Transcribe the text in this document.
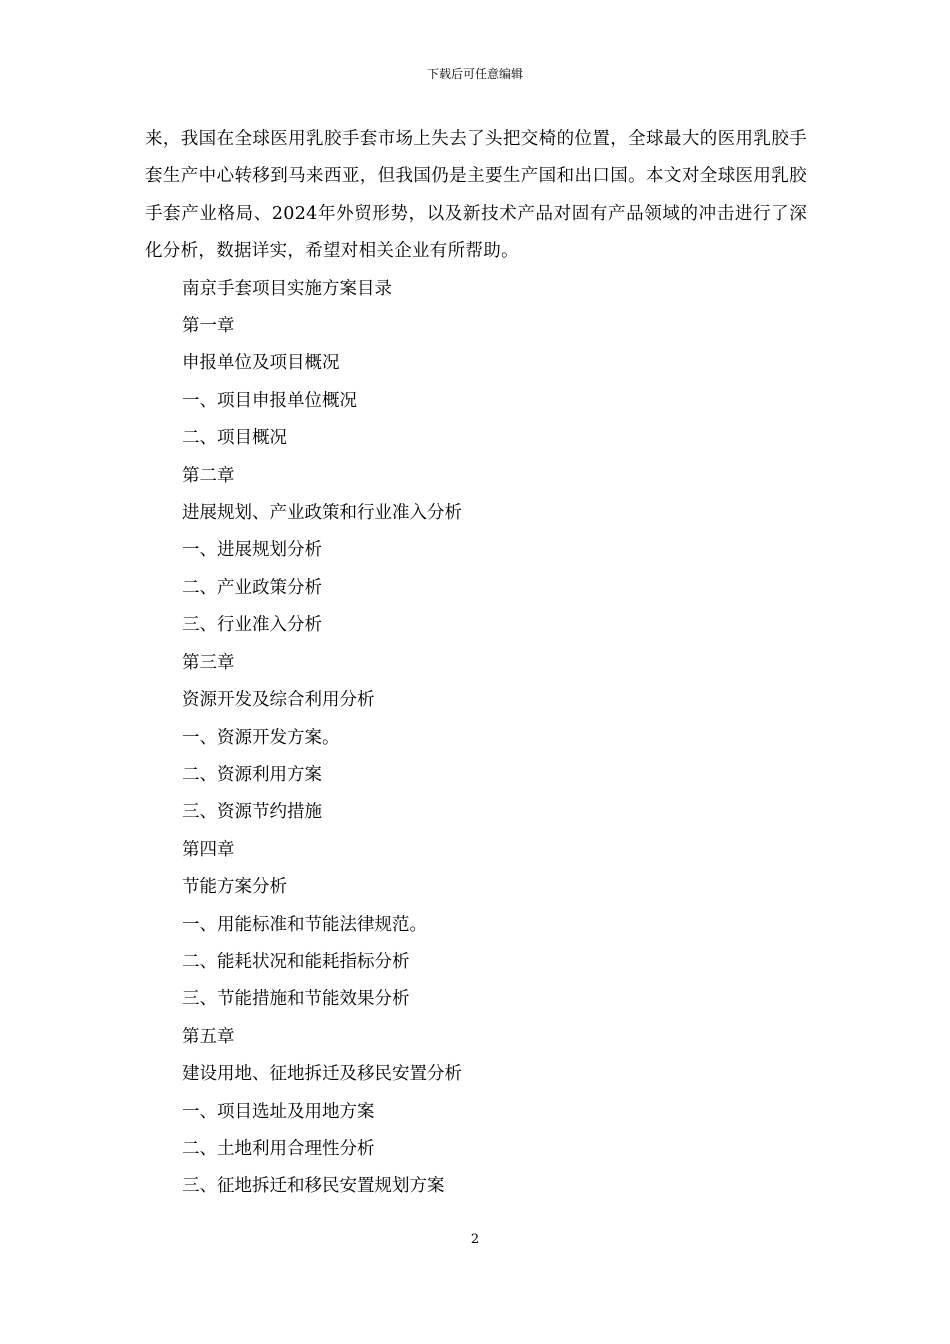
下载后可任意编辑

来，我国在全球医用乳胶手套市场上失去了头把交椅的位置，全球最大的医用乳胶手套生产中心转移到马来西亚，但我国仍是主要生产国和出口国。本文对全球医用乳胶手套产业格局、2024年外贸形势，以及新技术产品对固有产品领域的冲击进行了深化分析，数据详实，希望对相关企业有所帮助。

南京手套项目实施方案目录
第一章
申报单位及项目概况
一、项目申报单位概况
二、项目概况
第二章
进展规划、产业政策和行业准入分析
一、进展规划分析
二、产业政策分析
三、行业准入分析
第三章
资源开发及综合利用分析
一、资源开发方案。
二、资源利用方案
三、资源节约措施
第四章
节能方案分析
一、用能标准和节能法律规范。
二、能耗状况和能耗指标分析
三、节能措施和节能效果分析
第五章
建设用地、征地拆迁及移民安置分析
一、项目选址及用地方案
二、土地利用合理性分析
三、征地拆迁和移民安置规划方案
2
